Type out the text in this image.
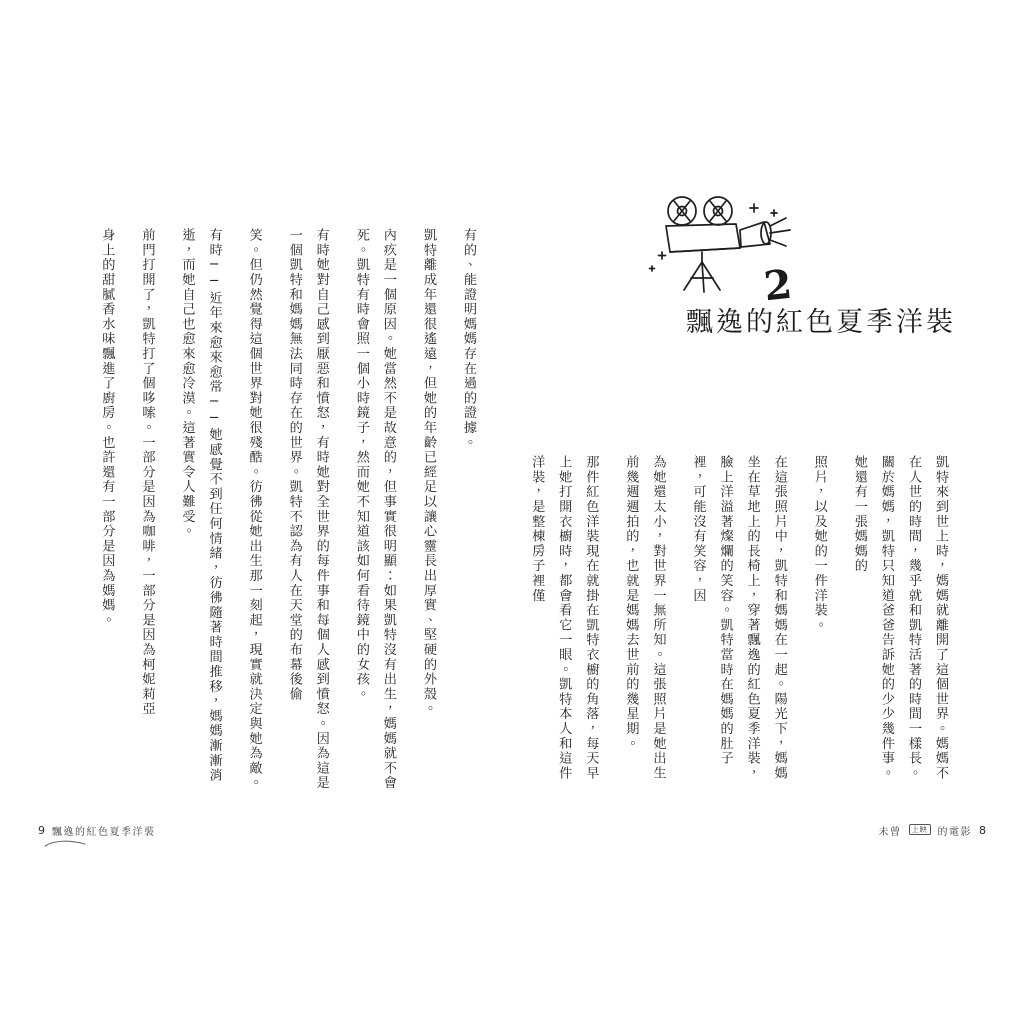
2
飄逸的紅色夏季洋裝
凱特來到世上時，媽媽就離開了這個世界。媽媽不在人世的時間，幾乎就和凱特活著的時間一樣長。關於媽媽，凱特只知道爸爸告訴她的少少幾件事。她還有一張媽媽的
照片，以及她的一件洋裝。
在這張照片中，凱特和媽媽在一起。陽光下，媽媽坐在草地上的長椅上，穿著飄逸的紅色夏季洋裝，臉上洋溢著燦爛的笑容。凱特當時在媽媽的肚子裡，可能沒有笑容，因
為她還太小，對世界一無所知。這張照片是她出生前幾週週拍的，也就是媽媽去世前的幾星期。
那件紅色洋裝現在就掛在凱特衣櫥的角落，每天早上她打開衣櫥時，都會看它一眼。凱特本人和這件洋裝，是整棟房子裡僅
未曾	上映	的電影 8
有的、能證明媽媽存在過的證據。
凱特離成年還很遙遠，但她的年齡已經足以讓心靈長出厚實、堅硬的外殼。
內疚是一個原因。她當然不是故意的，但事實很明顯：如果凱特沒有出生，媽媽就不會死。凱特有時會照一個小時鏡子，然而她不知道該如何看待鏡中的女孩。
有時她對自己感到厭惡和憤怒，有時她對全世界的每件事和每個人感到憤怒。因為這是一個凱特和媽媽無法同時存在的世界。凱特不認為有人在天堂的布幕後偷
笑。但仍然覺得這個世界對她很殘酷。彷彿從她出生那一刻起，現實就決定與她為敵。
有時──近年來愈來愈常──她感覺不到任何情緒，彷彿隨著時間推移，媽媽漸漸消逝，而她自己也愈來愈冷漠。這著實令人難受。
前門打開了，凱特打了個哆嗦。一部分是因為咖啡，一部分是因為柯妮莉亞
身上的甜膩香水味飄進了廚房。也許還有一部分是因為媽媽。
9 飄逸的紅色夏季洋裝
